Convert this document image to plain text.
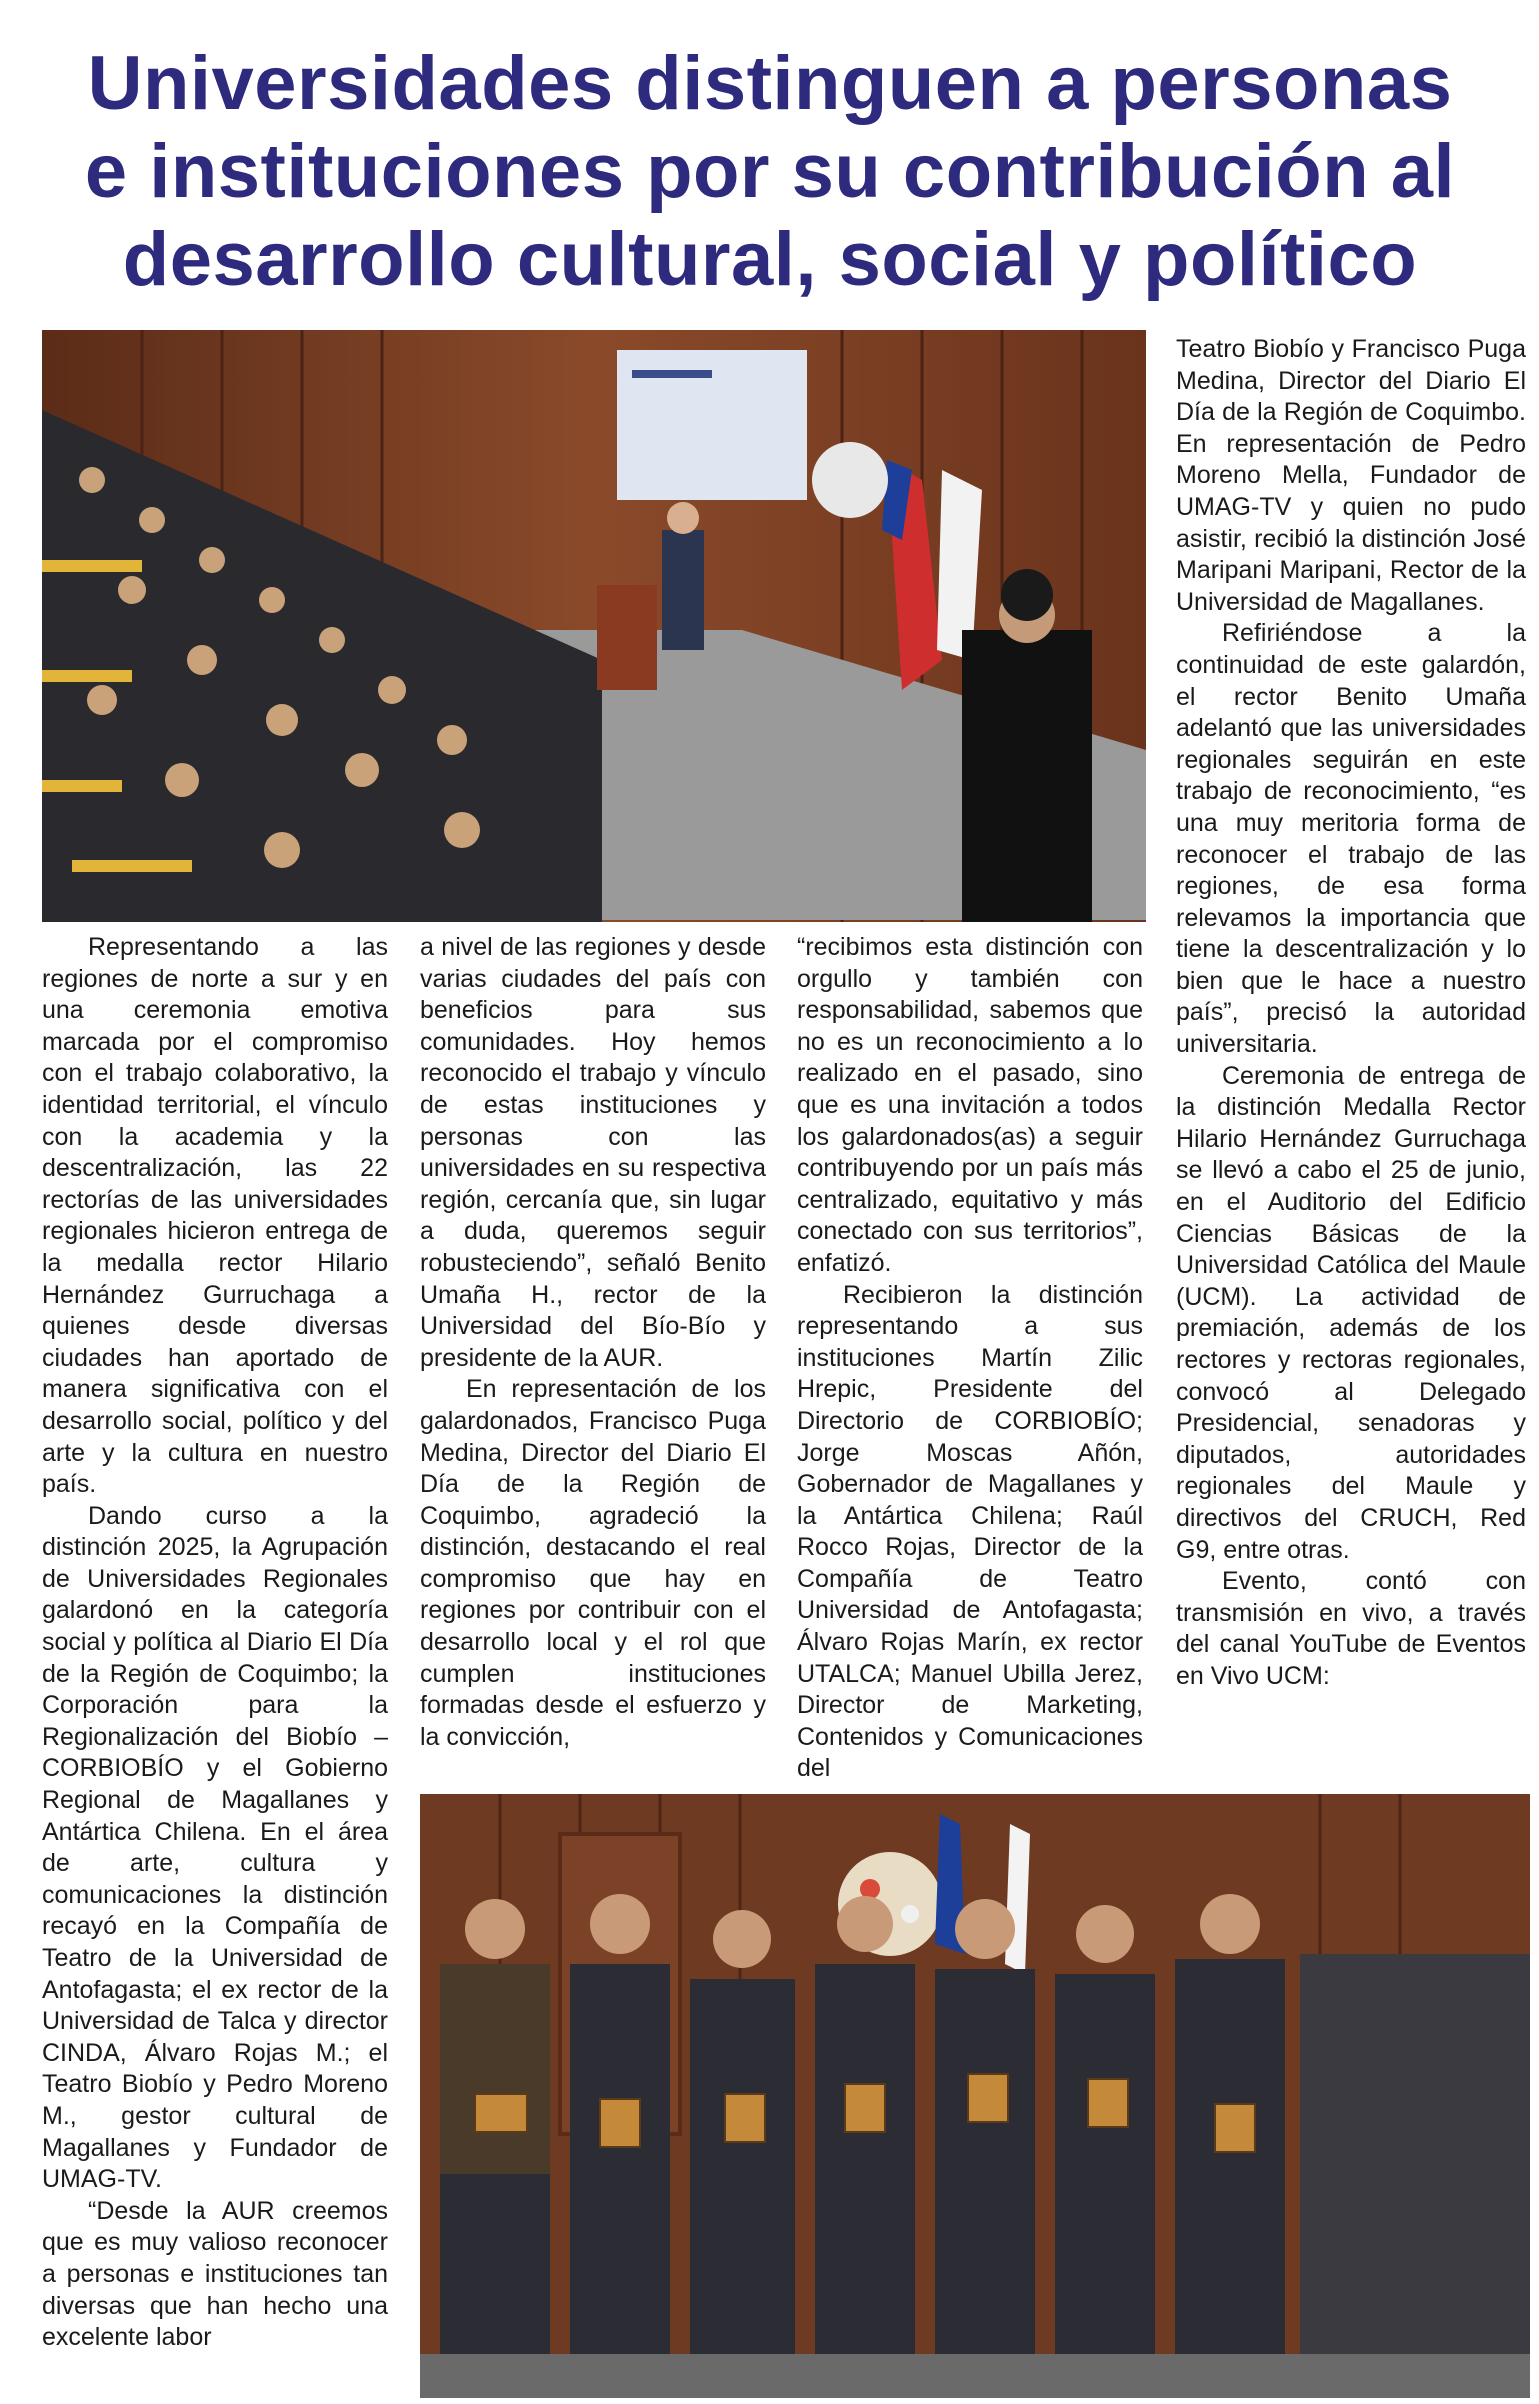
Universidades distinguen a personas
e instituciones por su contribución al
desarrollo cultural, social y político

Representando a las regiones de norte a sur y en una ceremonia emotiva marcada por el compromiso con el trabajo colaborativo, la identidad territorial, el vínculo con la academia y la descentralización, las 22 rectorías de las universidades regionales hicieron entrega de la medalla rector Hilario Hernández Gurruchaga a quienes desde diversas ciudades han aportado de manera significativa con el desarrollo social, político y del arte y la cultura en nuestro país.

Dando curso a la distinción 2025, la Agrupación de Universidades Regionales galardonó en la categoría social y política al Diario El Día de la Región de Coquimbo; la Corporación para la Regionalización del Biobío – CORBIOBÍO y el Gobierno Regional de Magallanes y Antártica Chilena. En el área de arte, cultura y comunicaciones la distinción recayó en la Compañía de Teatro de la Universidad de Antofagasta; el ex rector de la Universidad de Talca y director CINDA, Álvaro Rojas M.; el Teatro Biobío y Pedro Moreno M., gestor cultural de Magallanes y Fundador de UMAG-TV.

“Desde la AUR creemos que es muy valioso reconocer a personas e instituciones tan diversas que han hecho una excelente labor

a nivel de las regiones y desde varias ciudades del país con beneficios para sus comunidades. Hoy hemos reconocido el trabajo y vínculo de estas instituciones y personas con las universidades en su respectiva región, cercanía que, sin lugar a duda, queremos seguir robusteciendo”, señaló Benito Umaña H., rector de la Universidad del Bío-Bío y presidente de la AUR.

En representación de los galardonados, Francisco Puga Medina, Director del Diario El Día de la Región de Coquimbo, agradeció la distinción, destacando el real compromiso que hay en regiones por contribuir con el desarrollo local y el rol que cumplen instituciones formadas desde el esfuerzo y la convicción,

“recibimos esta distinción con orgullo y también con responsabilidad, sabemos que no es un reconocimiento a lo realizado en el pasado, sino que es una invitación a todos los galardonados(as) a seguir contribuyendo por un país más centralizado, equitativo y más conectado con sus territorios”, enfatizó.

Recibieron la distinción representando a sus instituciones Martín Zilic Hrepic, Presidente del Directorio de CORBIOBÍO; Jorge Moscas Añón, Gobernador de Magallanes y la Antártica Chilena; Raúl Rocco Rojas, Director de la Compañía de Teatro Universidad de Antofagasta; Álvaro Rojas Marín, ex rector UTALCA; Manuel Ubilla Jerez, Director de Marketing, Contenidos y Comunicaciones del

Teatro Biobío y Francisco Puga Medina, Director del Diario El Día de la Región de Coquimbo. En representación de Pedro Moreno Mella, Fundador de UMAG-TV y quien no pudo asistir, recibió la distinción José Maripani Maripani, Rector de la Universidad de Magallanes.

Refiriéndose a la continuidad de este galardón, el rector Benito Umaña adelantó que las universidades regionales seguirán en este trabajo de reconocimiento, “es una muy meritoria forma de reconocer el trabajo de las regiones, de esa forma relevamos la importancia que tiene la descentralización y lo bien que le hace a nuestro país”, precisó la autoridad universitaria.

Ceremonia de entrega de la distinción Medalla Rector Hilario Hernández Gurruchaga se llevó a cabo el 25 de junio, en el Auditorio del Edificio Ciencias Básicas de la Universidad Católica del Maule (UCM). La actividad de premiación, además de los rectores y rectoras regionales, convocó al Delegado Presidencial, senadoras y diputados, autoridades regionales del Maule y directivos del CRUCH, Red G9, entre otras.

Evento, contó con transmisión en vivo, a través del canal YouTube de Eventos en Vivo UCM:
